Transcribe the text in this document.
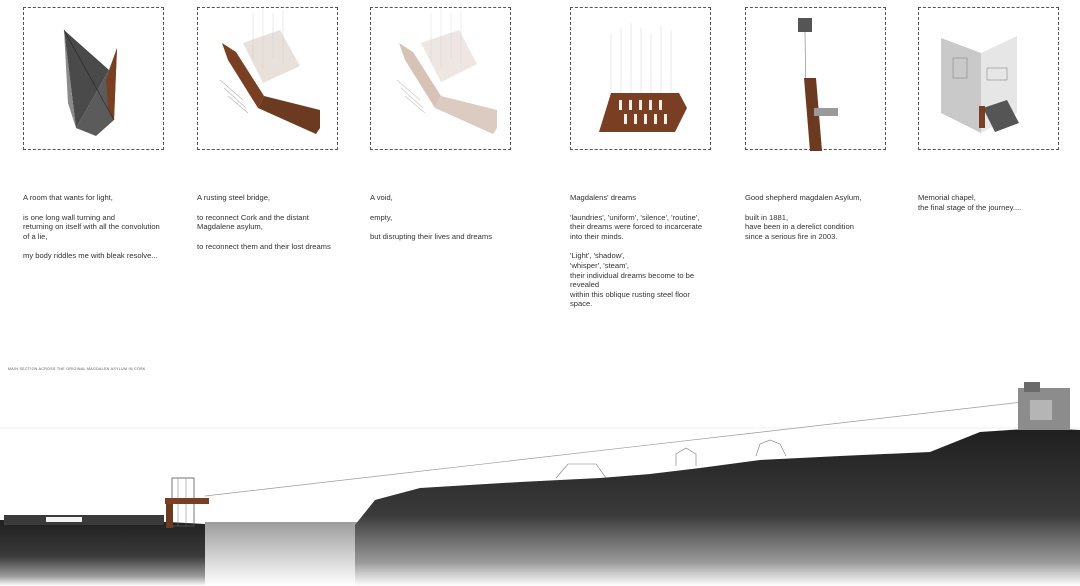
A room that wants for light,

is one long wall turning and
returning on itself with all the convolution
of a lie,

my body riddles me with bleak resolve...

A rusting steel bridge,

to reconnect Cork and the distant
Magdalene asylum,

to reconnect them and their lost dreams

A void,

empty,

but disrupting their lives and dreams

Magdalens' dreams

'laundries', 'uniform', 'silence', 'routine',
their dreams were forced to incarcerate
into their minds.

'Light', 'shadow',
'whisper', 'steam',
their individual dreams become to be
revealed
within this oblique rusting steel floor
space.

Good shepherd magdalen Asylum,

built in 1881,
have been in a derelict condition
since a serious fire in 2003.

Memorial chapel,
the final stage of the journey....

MAIN SECTION ACROSS THE ORIGINAL MAGDALEN ASYLUM IN CORK
